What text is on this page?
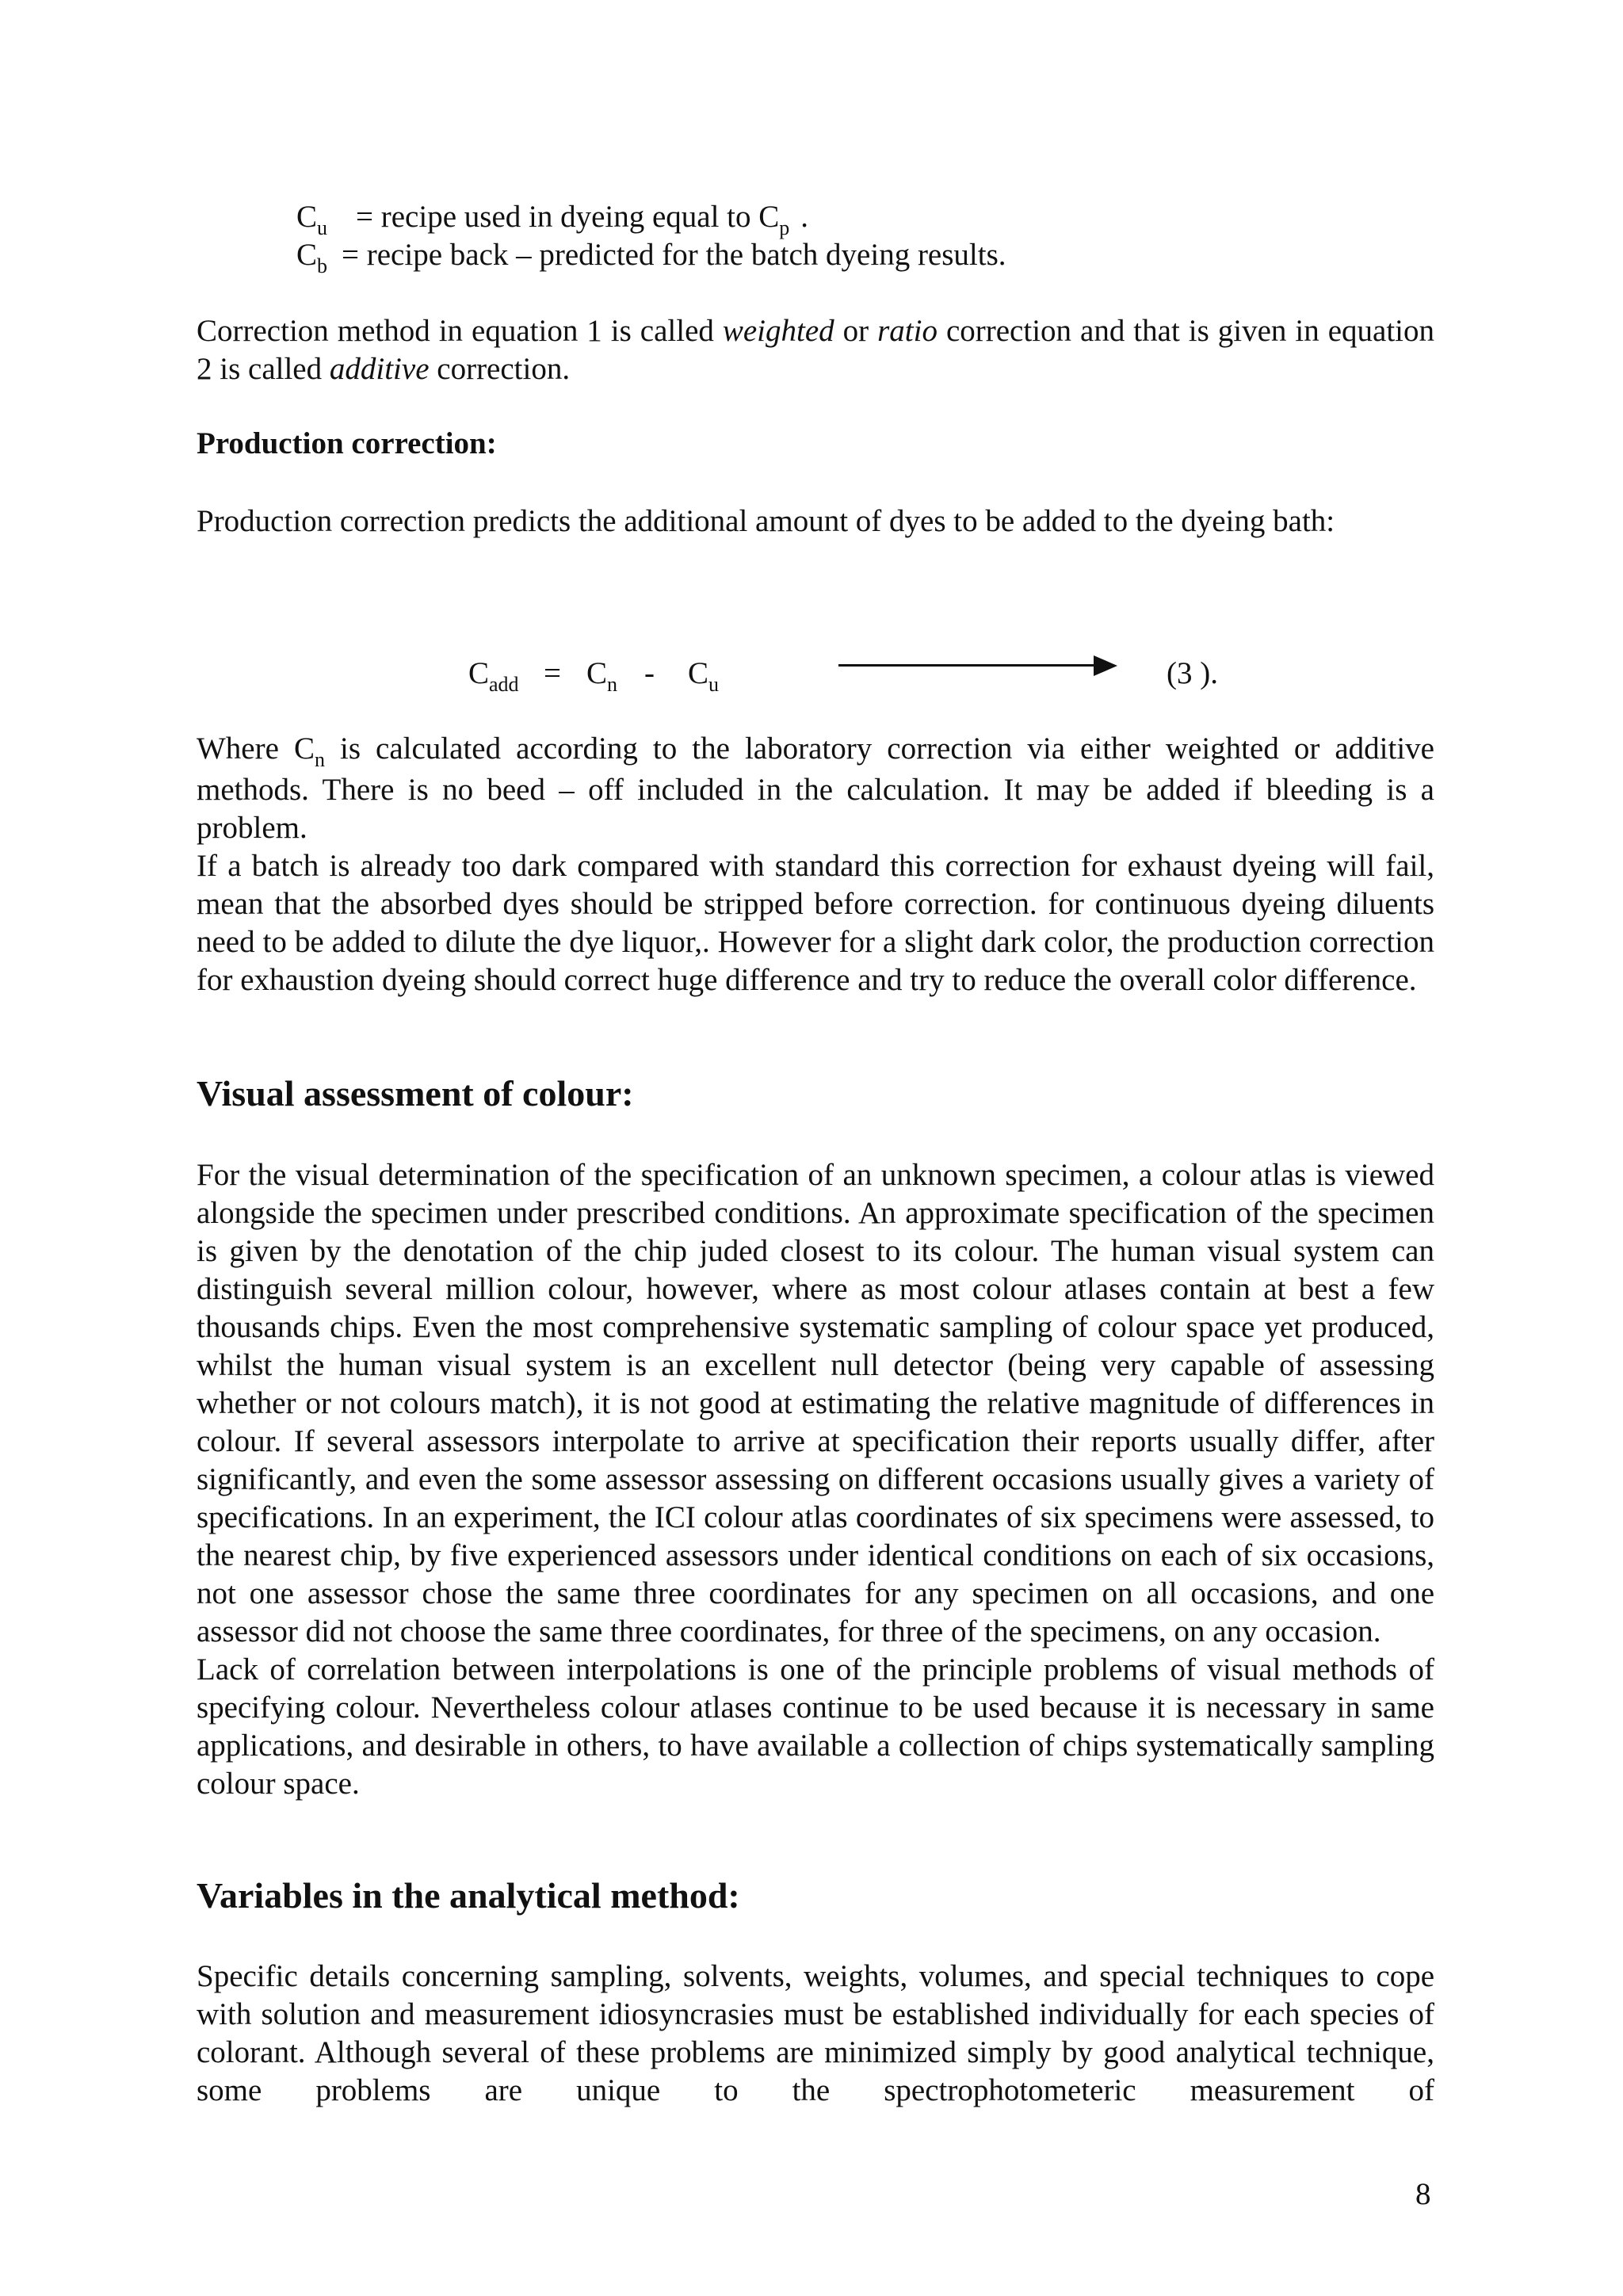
$C_u$ = recipe used in dyeing equal to $C_p$ .
$C_b$ = recipe back – predicted for the batch dyeing results.

Correction method in equation 1 is called weighted or ratio correction and that is given in equation 2 is called additive correction.

Production correction:
Production correction predicts the additional amount of dyes to be added to the dyeing bath:
$C_{add} = C_n - C_u$	(3 ).

Where $C_n$ is calculated according to the laboratory correction via either weighted or additive methods. There is no beed – off included in the calculation. It may be added if bleeding is a problem.

If a batch is already too dark compared with standard this correction for exhaust dyeing will fail, mean that the absorbed dyes should be stripped before correction. for continuous dyeing diluents need to be added to dilute the dye liquor,. However for a slight dark color, the production correction for exhaustion dyeing should correct huge difference and try to reduce the overall color difference.

Visual assessment of colour:

For the visual determination of the specification of an unknown specimen, a colour atlas is viewed alongside the specimen under prescribed conditions. An approximate specification of the specimen is given by the denotation of the chip juded closest to its colour. The human visual system can distinguish several million colour, however, where as most colour atlases contain at best a few thousands chips. Even the most comprehensive systematic sampling of colour space yet produced, whilst the human visual system is an excellent null detector (being very capable of assessing whether or not colours match), it is not good at estimating the relative magnitude of differences in colour. If several assessors interpolate to arrive at specification their reports usually differ, after significantly, and even the some assessor assessing on different occasions usually gives a variety of specifications. In an experiment, the ICI colour atlas coordinates of six specimens were assessed, to the nearest chip, by five experienced assessors under identical conditions on each of six occasions, not one assessor chose the same three coordinates for any specimen on all occasions, and one assessor did not choose the same three coordinates, for three of the specimens, on any occasion.

Lack of correlation between interpolations is one of the principle problems of visual methods of specifying colour. Nevertheless colour atlases continue to be used because it is necessary in same applications, and desirable in others, to have available a collection of chips systematically sampling colour space.

Variables in the analytical method:

Specific details concerning sampling, solvents, weights, volumes, and special techniques to cope with solution and measurement idiosyncrasies must be established individually for each species of colorant. Although several of these problems are minimized simply by good analytical technique, some problems are unique to the spectrophotometeric measurement of

8
